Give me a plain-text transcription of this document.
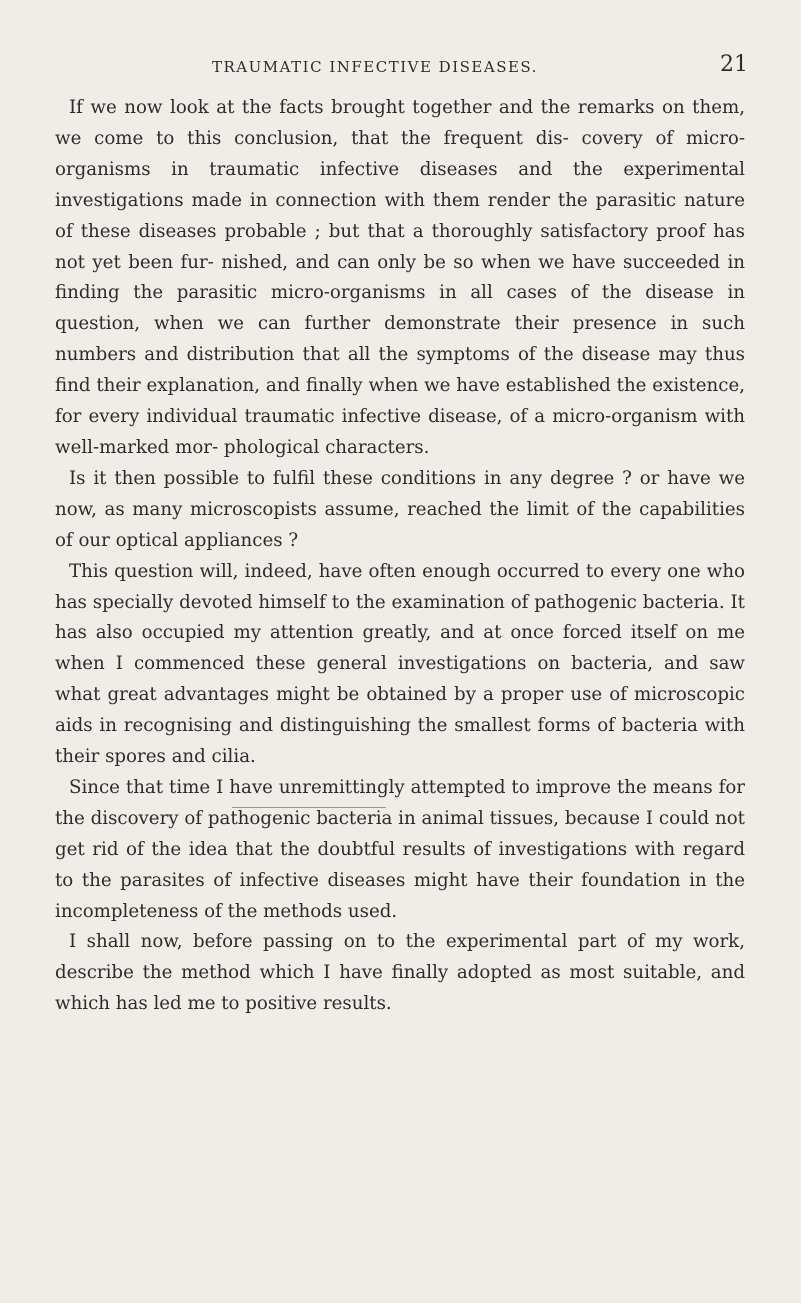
TRAUMATIC INFECTIVE DISEASES.	21

If we now look at the facts brought together and the remarks on them, we come to this conclusion, that the frequent dis- covery of micro-organisms in traumatic infective diseases and the experimental investigations made in connection with them render the parasitic nature of these diseases probable ; but that a thoroughly satisfactory proof has not yet been fur- nished, and can only be so when we have succeeded in finding the parasitic micro-organisms in all cases of the disease in question, when we can further demonstrate their presence in such numbers and distribution that all the symptoms of the disease may thus find their explanation, and finally when we have established the existence, for every individual traumatic infective disease, of a micro-organism with well-marked mor- phological characters.

Is it then possible to fulfil these conditions in any degree ? or have we now, as many microscopists assume, reached the limit of the capabilities of our optical appliances ?

This question will, indeed, have often enough occurred to every one who has specially devoted himself to the examination of pathogenic bacteria. It has also occupied my attention greatly, and at once forced itself on me when I commenced these general investigations on bacteria, and saw what great advantages might be obtained by a proper use of microscopic aids in recognising and distinguishing the smallest forms of bacteria with their spores and cilia.

Since that time I have unremittingly attempted to improve the means for the discovery of pathogenic bacteria in animal tissues, because I could not get rid of the idea that the doubtful results of investigations with regard to the parasites of infective diseases might have their foundation in the incompleteness of the methods used.

I shall now, before passing on to the experimental part of my work, describe the method which I have finally adopted as most suitable, and which has led me to positive results.
